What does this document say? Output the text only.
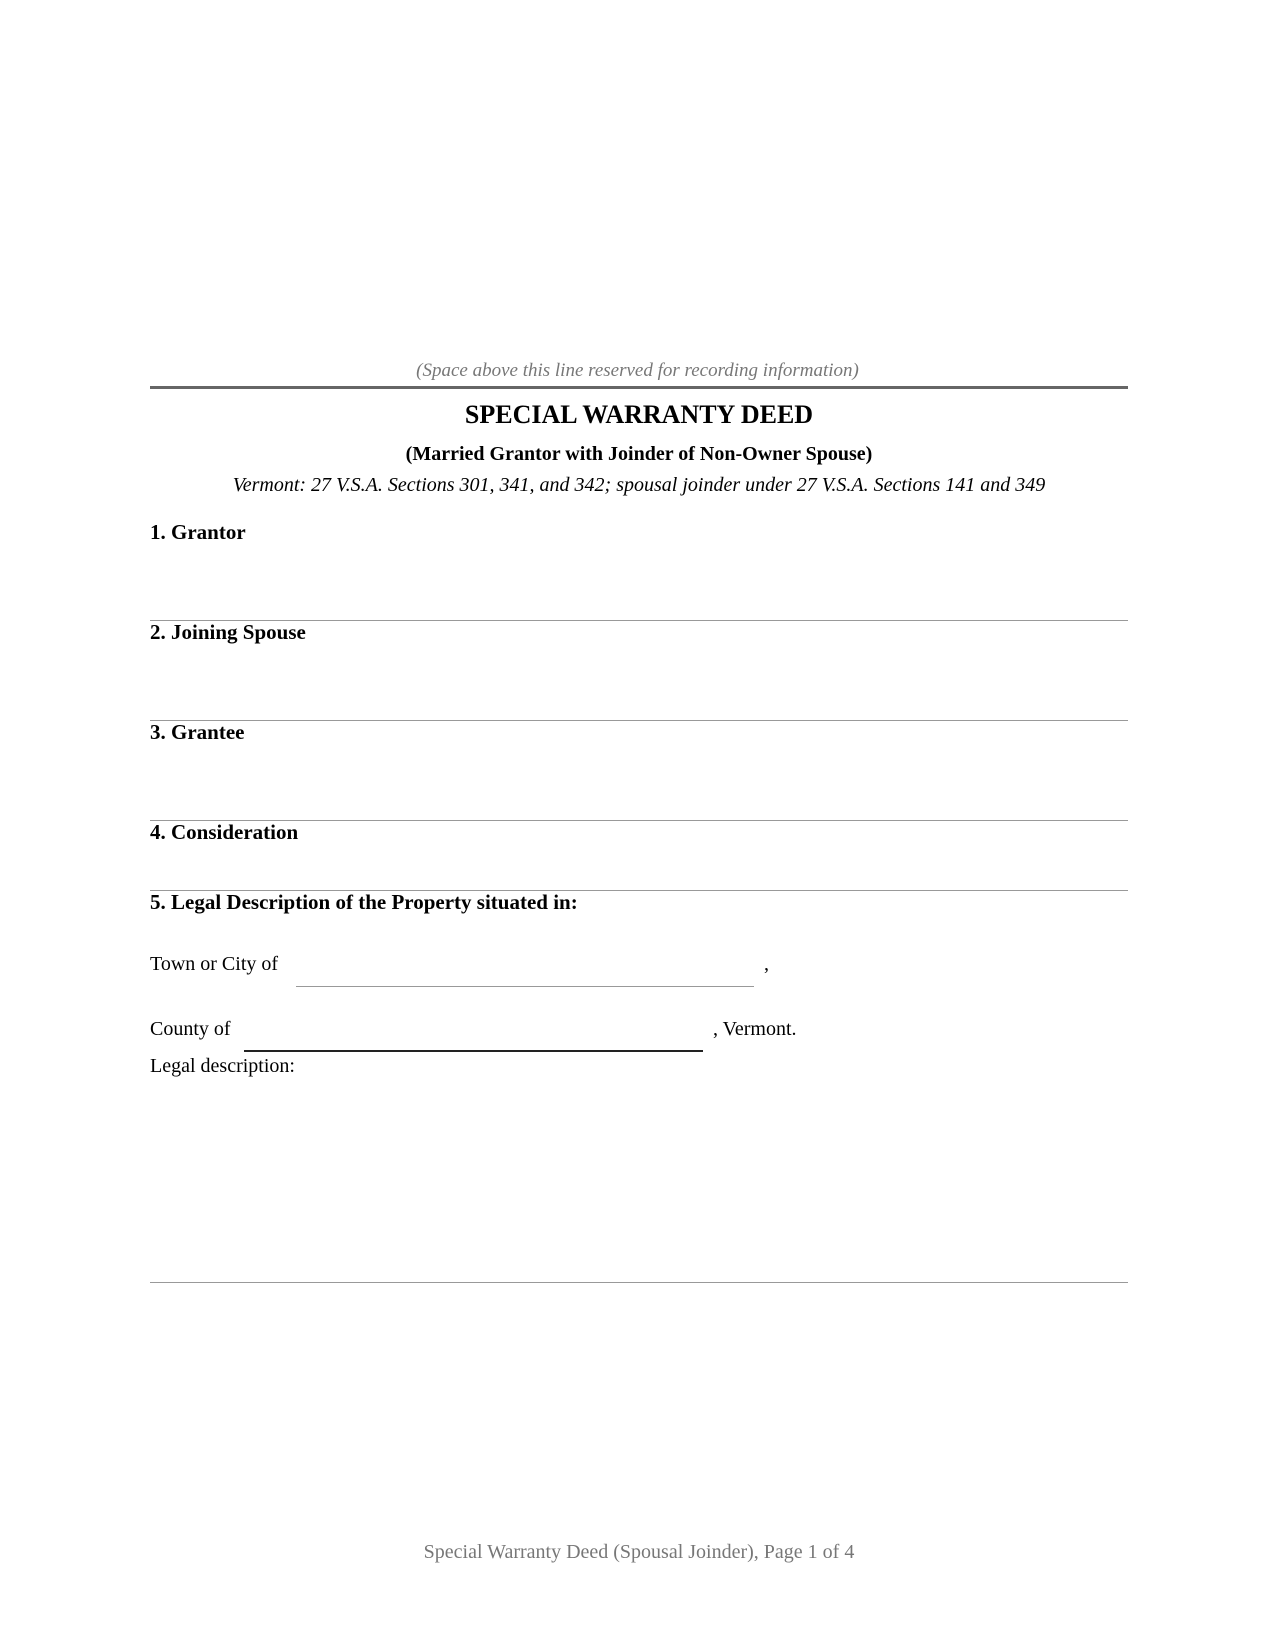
(Space above this line reserved for recording information)
SPECIAL WARRANTY DEED
(Married Grantor with Joinder of Non-Owner Spouse)
Vermont: 27 V.S.A. Sections 301, 341, and 342; spousal joinder under 27 V.S.A. Sections 141 and 349
1. Grantor
2. Joining Spouse
3. Grantee
4. Consideration
5. Legal Description of the Property situated in:
Town or City of	,
County of	, Vermont.
Legal description:
Special Warranty Deed (Spousal Joinder), Page 1 of 4
